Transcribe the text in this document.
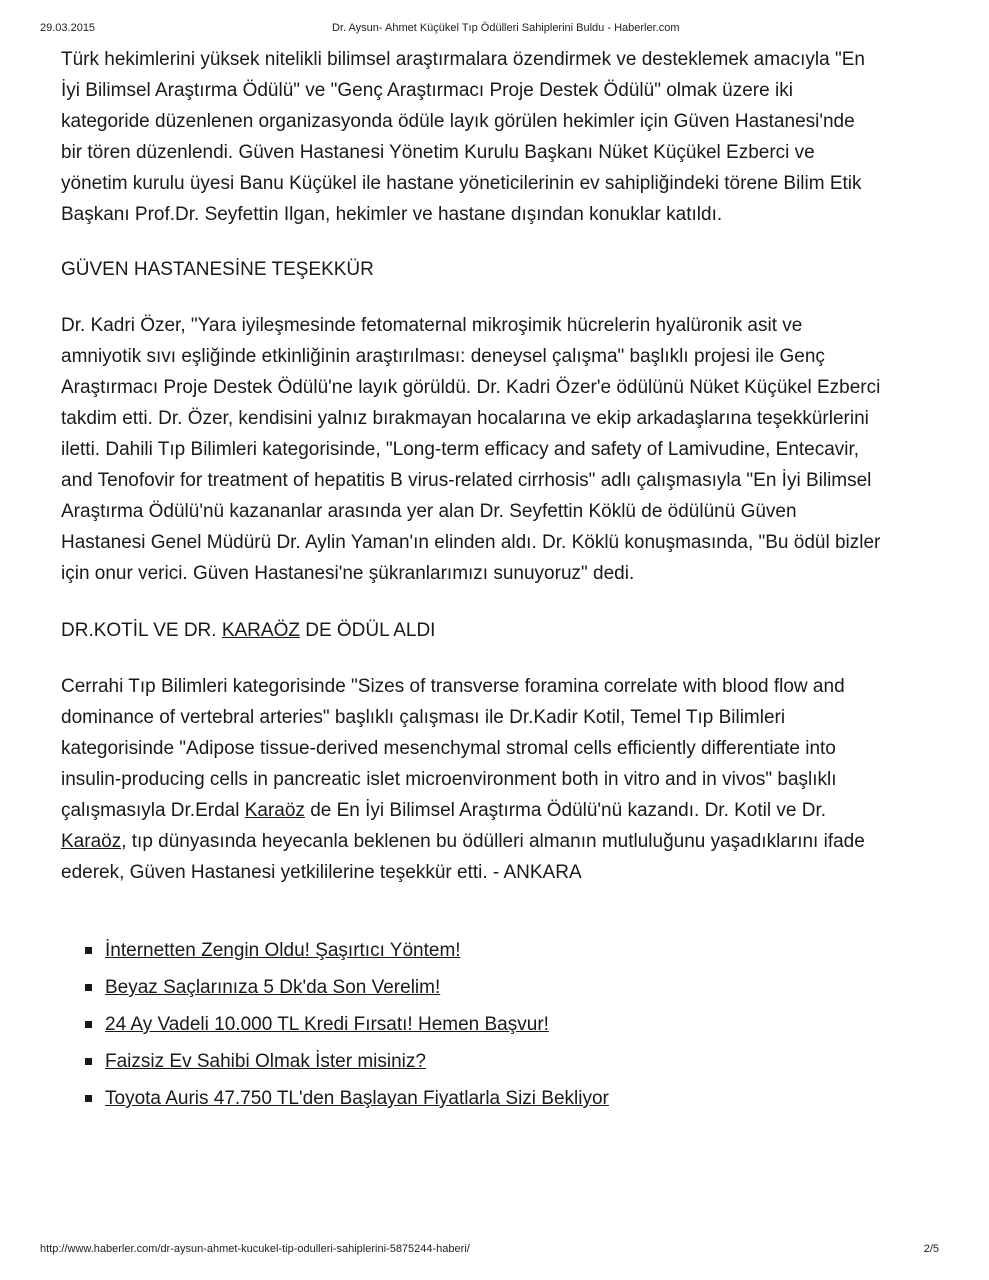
29.03.2015	Dr. Aysun- Ahmet Küçükel Tıp Ödülleri Sahiplerini Buldu - Haberler.com

Türk hekimlerini yüksek nitelikli bilimsel araştırmalara özendirmek ve desteklemek amacıyla "En İyi Bilimsel Araştırma Ödülü" ve "Genç Araştırmacı Proje Destek Ödülü" olmak üzere iki kategoride düzenlenen organizasyonda ödüle layık görülen hekimler için Güven Hastanesi'nde bir tören düzenlendi. Güven Hastanesi Yönetim Kurulu Başkanı Nüket Küçükel Ezberci ve yönetim kurulu üyesi Banu Küçükel ile hastane yöneticilerinin ev sahipliğindeki törene Bilim Etik Başkanı Prof.Dr. Seyfettin Ilgan, hekimler ve hastane dışından konuklar katıldı.

GÜVEN HASTANESİNE TEŞEKKÜR

Dr. Kadri Özer, "Yara iyileşmesinde fetomaternal mikroşimik hücrelerin hyalüronik asit ve amniyotik sıvı eşliğinde etkinliğinin araştırılması: deneysel çalışma" başlıklı projesi ile Genç Araştırmacı Proje Destek Ödülü'ne layık görüldü. Dr. Kadri Özer'e ödülünü Nüket Küçükel Ezberci takdim etti. Dr. Özer, kendisini yalnız bırakmayan hocalarına ve ekip arkadaşlarına teşekkürlerini iletti. Dahili Tıp Bilimleri kategorisinde, "Long-term efficacy and safety of Lamivudine, Entecavir, and Tenofovir for treatment of hepatitis B virus-related cirrhosis" adlı çalışmasıyla "En İyi Bilimsel Araştırma Ödülü'nü kazananlar arasında yer alan Dr. Seyfettin Köklü de ödülünü Güven Hastanesi Genel Müdürü Dr. Aylin Yaman'ın elinden aldı. Dr. Köklü konuşmasında, "Bu ödül bizler için onur verici. Güven Hastanesi'ne şükranlarımızı sunuyoruz" dedi.

DR.KOTİL VE DR. KARAÖZ DE ÖDÜL ALDI

Cerrahi Tıp Bilimleri kategorisinde "Sizes of transverse foramina correlate with blood flow and dominance of vertebral arteries" başlıklı çalışması ile Dr.Kadir Kotil, Temel Tıp Bilimleri kategorisinde "Adipose tissue-derived mesenchymal stromal cells efficiently differentiate into insulin-producing cells in pancreatic islet microenvironment both in vitro and in vivos" başlıklı çalışmasıyla Dr.Erdal Karaöz de En İyi Bilimsel Araştırma Ödülü'nü kazandı. Dr. Kotil ve Dr. Karaöz, tıp dünyasında heyecanla beklenen bu ödülleri almanın mutluluğunu yaşadıklarını ifade ederek, Güven Hastanesi yetkililerine teşekkür etti. - ANKARA

İnternetten Zengin Oldu! Şaşırtıcı Yöntem!
Beyaz Saçlarınıza 5 Dk'da Son Verelim!
24 Ay Vadeli 10.000 TL Kredi Fırsatı! Hemen Başvur!
Faizsiz Ev Sahibi Olmak İster misiniz?
Toyota Auris 47.750 TL'den Başlayan Fiyatlarla Sizi Bekliyor
http://www.haberler.com/dr-aysun-ahmet-kucukel-tip-odulleri-sahiplerini-5875244-haberi/	2/5
